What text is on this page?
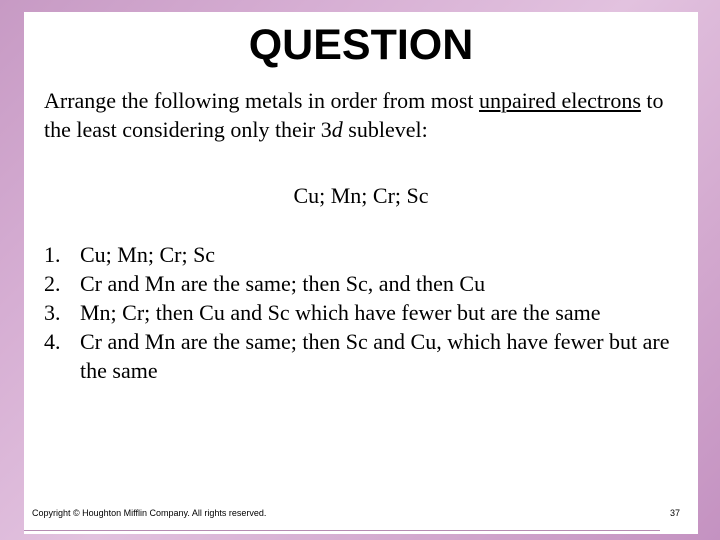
QUESTION
Arrange the following metals in order from most unpaired electrons to the least considering only their 3d sublevel:
Cu; Mn; Cr; Sc
1. Cu; Mn; Cr; Sc
2. Cr and Mn are the same; then Sc, and then Cu
3. Mn; Cr; then Cu and Sc which have fewer but are the same
4. Cr and Mn are the same; then Sc and Cu, which have fewer but are the same
Copyright © Houghton Mifflin Company. All rights reserved.	37
